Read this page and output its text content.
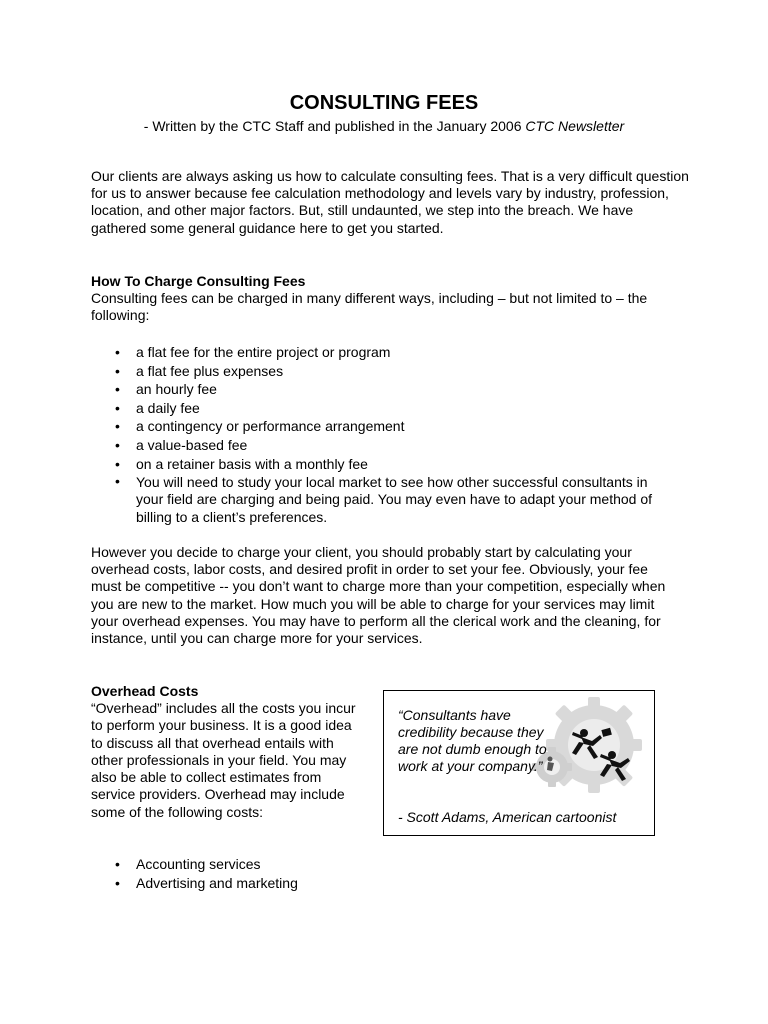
CONSULTING FEES

- Written by the CTC Staff and published in the January 2006 CTC Newsletter

Our clients are always asking us how to calculate consulting fees. That is a very difficult question for us to answer because fee calculation methodology and levels vary by industry, profession, location, and other major factors. But, still undaunted, we step into the breach. We have gathered some general guidance here to get you started.

How To Charge Consulting Fees

Consulting fees can be charged in many different ways, including – but not limited to – the following:

• a flat fee for the entire project or program
• a flat fee plus expenses
• an hourly fee
• a daily fee
• a contingency or performance arrangement
• a value-based fee
• on a retainer basis with a monthly fee
• You will need to study your local market to see how other successful consultants in your field are charging and being paid. You may even have to adapt your method of billing to a client’s preferences.

However you decide to charge your client, you should probably start by calculating your overhead costs, labor costs, and desired profit in order to set your fee. Obviously, your fee must be competitive -- you don’t want to charge more than your competition, especially when you are new to the market. How much you will be able to charge for your services may limit your overhead expenses. You may have to perform all the clerical work and the cleaning, for instance, until you can charge more for your services.

Overhead Costs

“Overhead” includes all the costs you incur to perform your business. It is a good idea to discuss all that overhead entails with other professionals in your field. You may also be able to collect estimates from service providers. Overhead may include some of the following costs:

• Accounting services
• Advertising and marketing

“Consultants have credibility because they are not dumb enough to work at your company.”

- Scott Adams, American cartoonist
